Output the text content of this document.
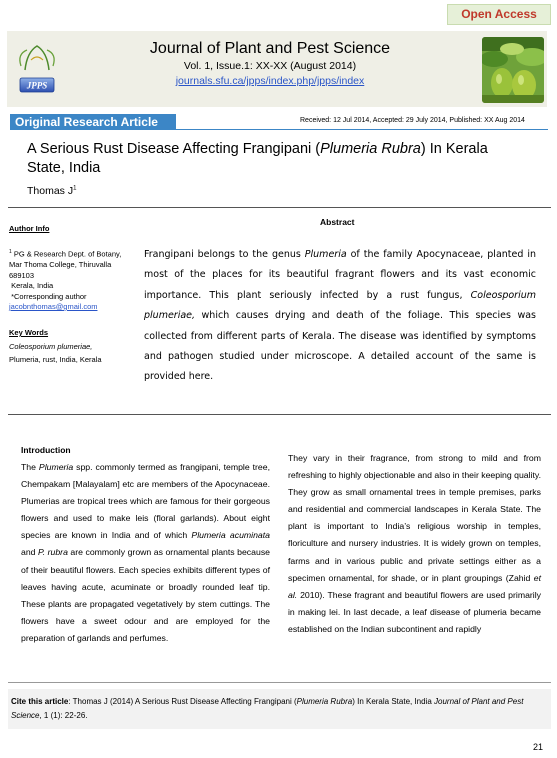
Open Access
JPPS
Journal of Plant and Pest Science
Vol. 1, Issue.1: XX-XX (August 2014)
journals.sfu.ca/jpps/index.php/jpps/index
Original Research Article	Received: 12 Jul 2014, Accepted: 29 July 2014, Published: XX Aug 2014
A Serious Rust Disease Affecting Frangipani (Plumeria Rubra) In Kerala State, India
Thomas $J^1$
Author Info
$^1$ PG & Research Dept. of Botany, Mar Thoma College, Thiruvalla 689103
Kerala, India
*Corresponding author
jacobnthomas@gmail.com
Key Words
Coleosporium plumeriae,
Plumeria, rust, India, Kerala
Abstract
Frangipani belongs to the genus Plumeria of the family Apocynaceae, planted in most of the places for its beautiful fragrant flowers and its vast economic importance. This plant seriously infected by a rust fungus, Coleosporium plumeriae, which causes drying and death of the foliage. This species was collected from different parts of Kerala. The disease was identified by symptoms and pathogen studied under microscope. A detailed account of the same is provided here.
Introduction
The Plumeria spp. commonly termed as frangipani, temple tree, Chempakam [Malayalam] etc are members of the Apocynaceae. Plumerias are tropical trees which are famous for their gorgeous flowers and used to make leis (floral garlands). About eight species are known in India and of which Plumeria acuminata and P. rubra are commonly grown as ornamental plants because of their beautiful flowers. Each species exhibits different types of leaves having acute, acuminate or broadly rounded leaf tip. These plants are propagated vegetatively by stem cuttings. The flowers have a sweet odour and are employed for the preparation of garlands and perfumes.
They vary in their fragrance, from strong to mild and from refreshing to highly objectionable and also in their keeping quality. They grow as small ornamental trees in temple premises, parks and residential and commercial landscapes in Kerala State. The plant is important to India’s religious worship in temples, floriculture and nursery industries. It is widely grown on temples, farms and in various public and private settings either as a specimen ornamental, for shade, or in plant groupings (Zahid et al. 2010). These fragrant and beautiful flowers are used primarily in making lei. In last decade, a leaf disease of plumeria became established on the Indian subcontinent and rapidly
Cite this article: Thomas J (2014) A Serious Rust Disease Affecting Frangipani (Plumeria Rubra) In Kerala State, India Journal of Plant and Pest Science, 1 (1): 22-26.
21
